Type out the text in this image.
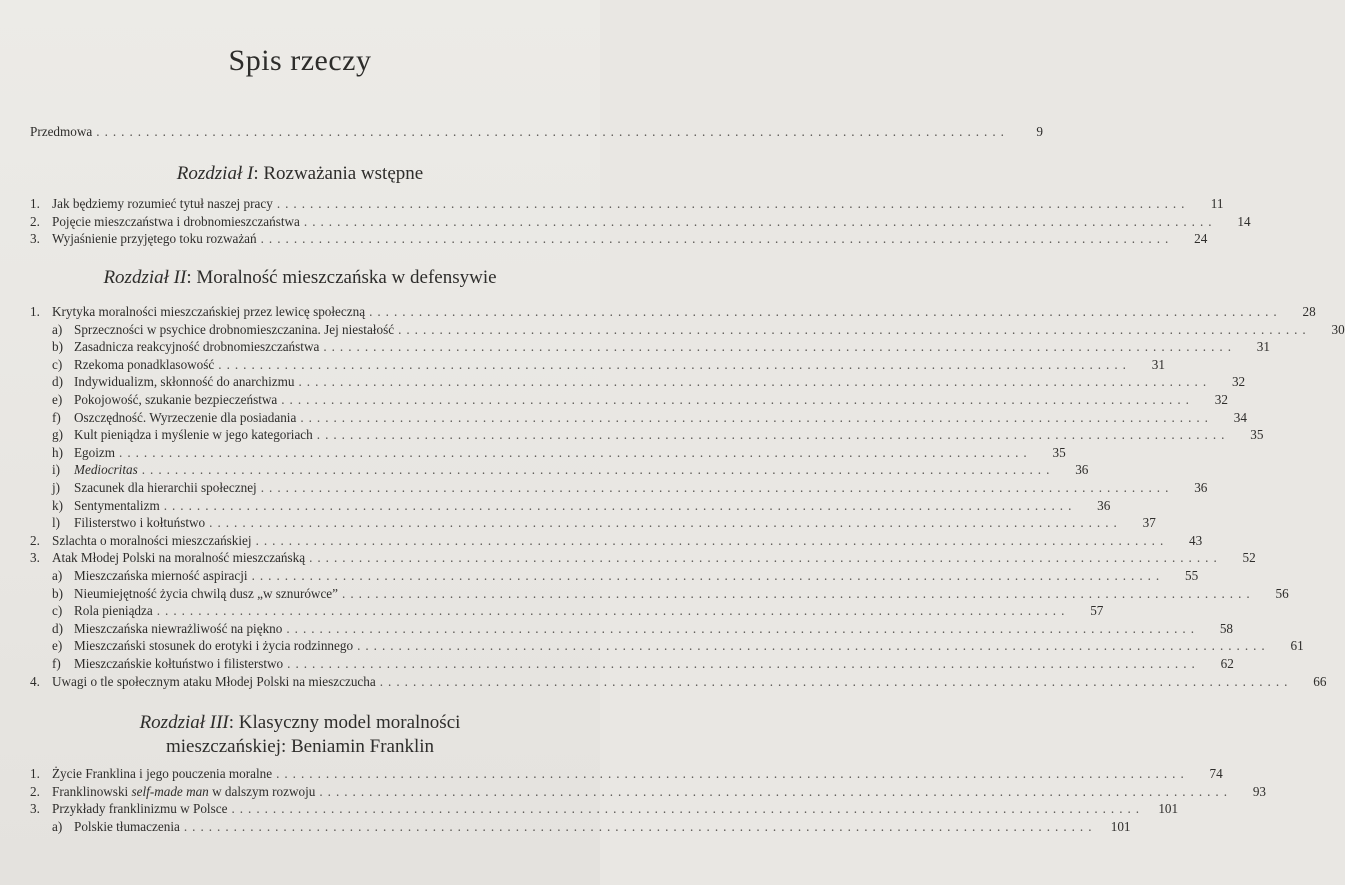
Spis rzeczy
Przedmowa ..............................................................................................................	9
Rozdział I: Rozważania wstępne
1. Jak będziemy rozumieć tytuł naszej pracy ..............................................................................................................	11
2. Pojęcie mieszczaństwa i drobnomieszczaństwa ..............................................................................................................	14
3. Wyjaśnienie przyjętego toku rozważań ..............................................................................................................	24
Rozdział II: Moralność mieszczańska w defensywie
1. Krytyka moralności mieszczańskiej przez lewicę społeczną ..............................................................................................................	28
a) Sprzeczności w psychice drobnomieszczanina. Jej niestałość ..............................................................................................................	30
b) Zasadnicza reakcyjność drobnomieszczaństwa ..............................................................................................................	31
c) Rzekoma ponadklasowość ..............................................................................................................	31
d) Indywidualizm, skłonność do anarchizmu ..............................................................................................................	32
e) Pokojowość, szukanie bezpieczeństwa ..............................................................................................................	32
f)	Oszczędność. Wyrzeczenie dla posiadania ..............................................................................................................	34
g) Kult pieniądza i myślenie w jego kategoriach ..............................................................................................................	35
h) Egoizm ..............................................................................................................	35
i)	Mediocritas ..............................................................................................................	36
j)	Szacunek dla hierarchii społecznej ..............................................................................................................	36
k) Sentymentalizm ..............................................................................................................	36
l)	Filisterstwo i kołtuństwo ..............................................................................................................	37
2. Szlachta o moralności mieszczańskiej ..............................................................................................................	43
3. Atak Młodej Polski na moralność mieszczańską ..............................................................................................................	52
a) Mieszczańska mierność aspiracji ..............................................................................................................	55
b) Nieumiejętność życia chwilą dusz „w sznurówce” ..............................................................................................................	56
c) Rola pieniądza ..............................................................................................................	57
d) Mieszczańska niewrażliwość na piękno ..............................................................................................................	58
e) Mieszczański stosunek do erotyki i życia rodzinnego ..............................................................................................................	61
f)	Mieszczańskie kołtuństwo i filisterstwo ..............................................................................................................	62
4. Uwagi o tle społecznym ataku Młodej Polski na mieszczucha ..............................................................................................................	66
Rozdział III: Klasyczny model moralności
mieszczańskiej: Beniamin Franklin
1. Życie Franklina i jego pouczenia moralne ..............................................................................................................	74
2. Franklinowski self-made man w dalszym rozwoju ..............................................................................................................	93
3. Przykłady franklinizmu w Polsce ..............................................................................................................	101
a) Polskie tłumaczenia ..............................................................................................................	101
